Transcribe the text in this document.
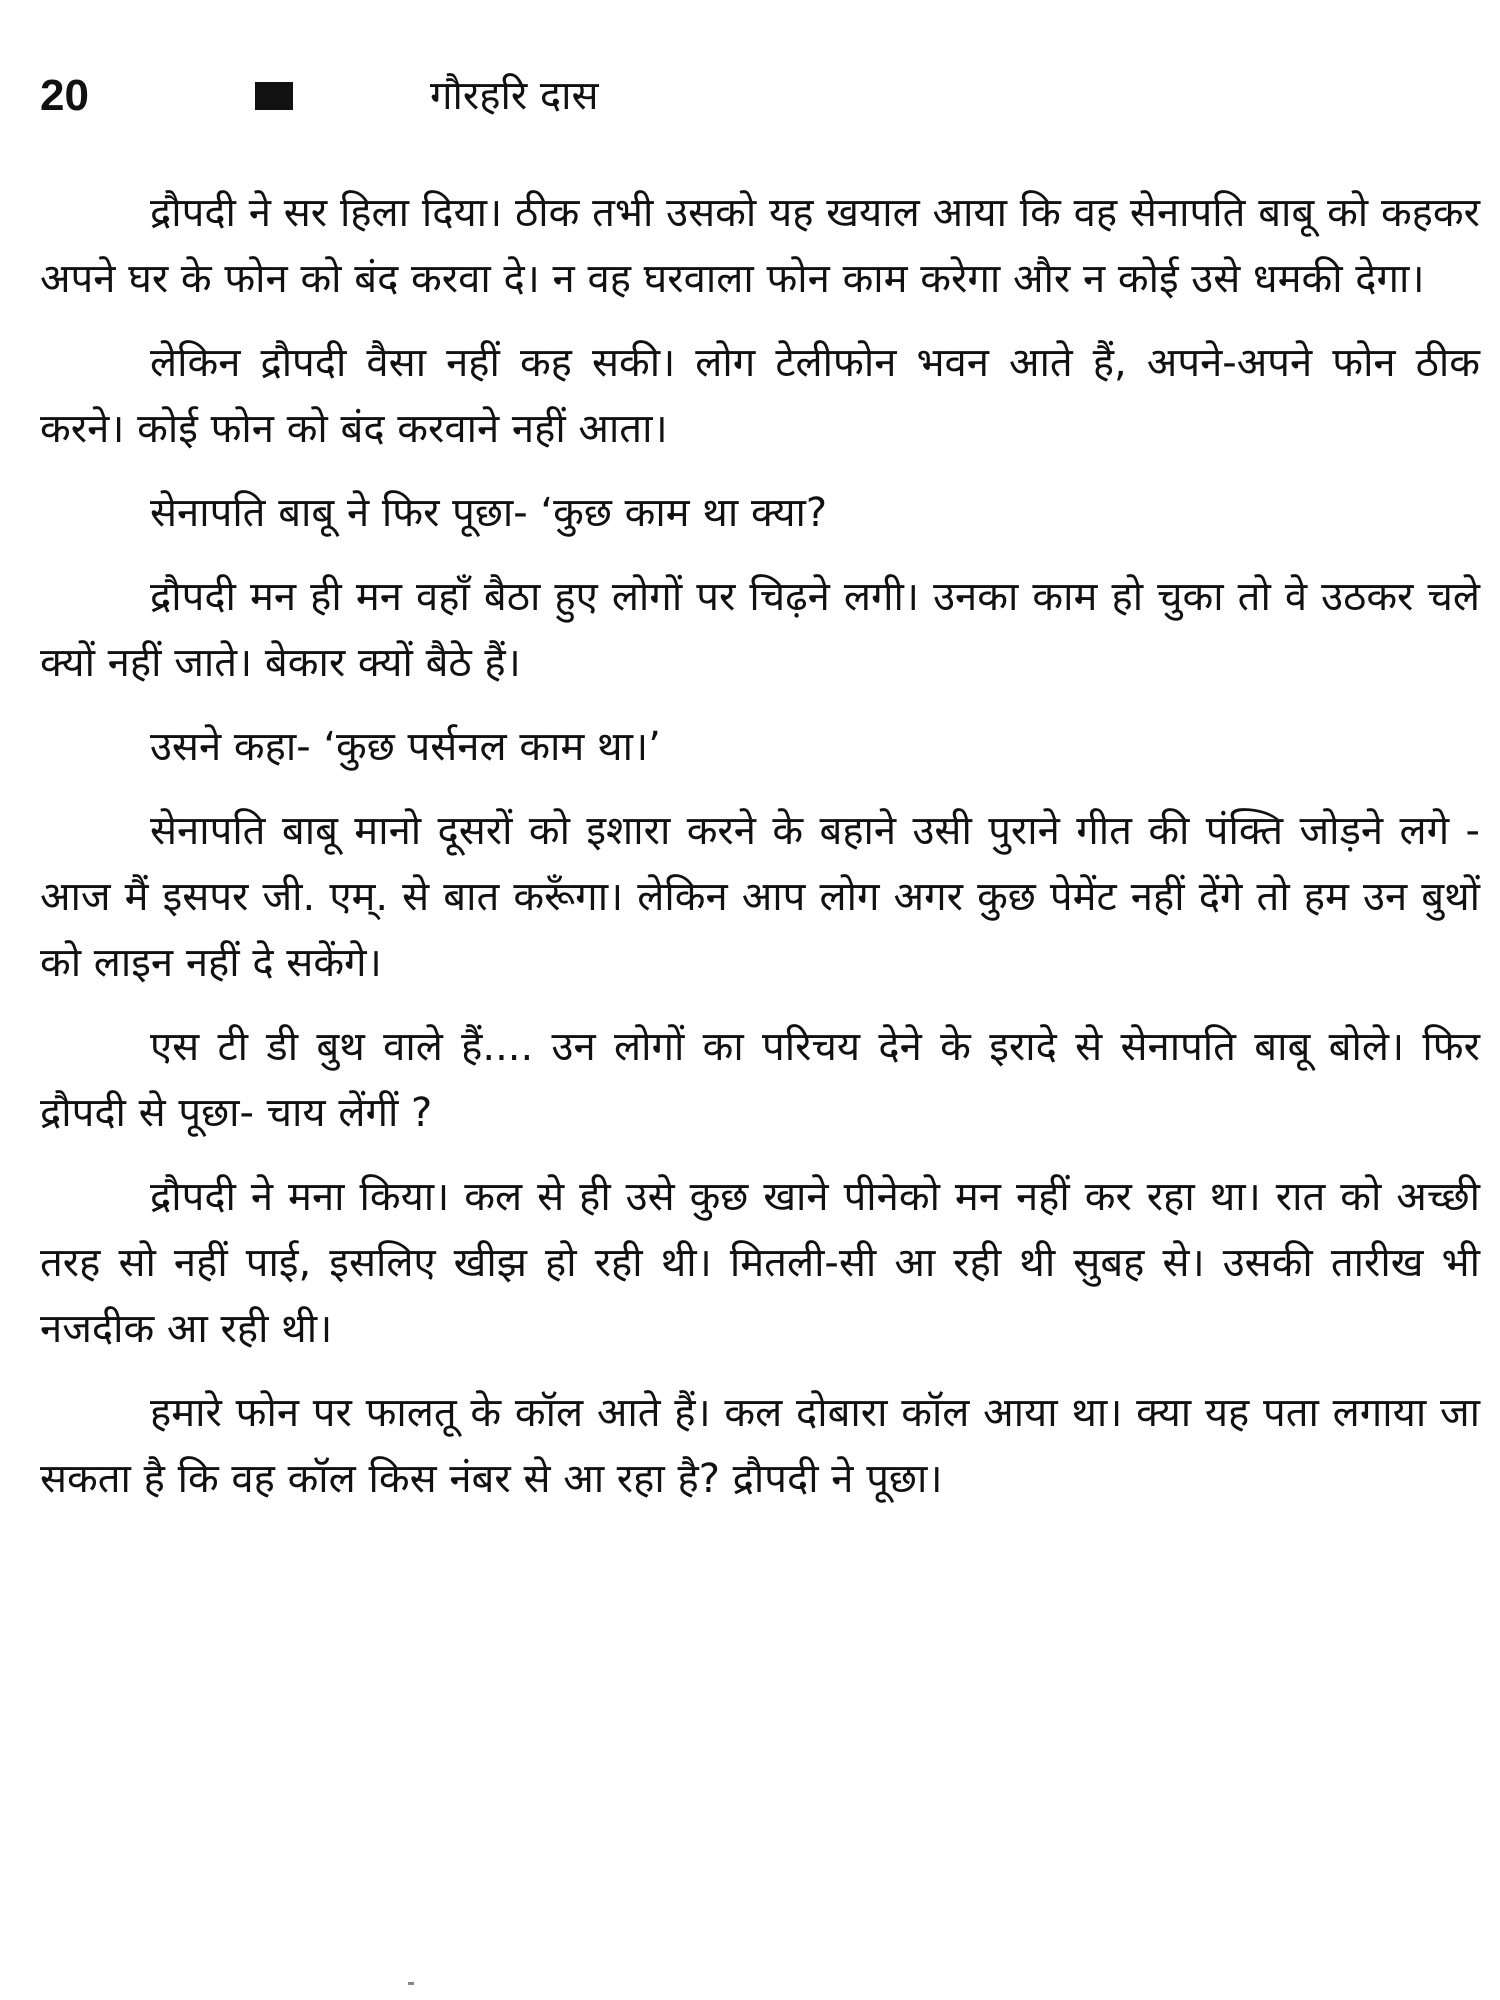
20	गौरहरि दास

द्रौपदी ने सर हिला दिया। ठीक तभी उसको यह खयाल आया कि वह सेनापति बाबू को कहकर अपने घर के फोन को बंद करवा दे। न वह घरवाला फोन काम करेगा और न कोई उसे धमकी देगा।

लेकिन द्रौपदी वैसा नहीं कह सकी। लोग टेलीफोन भवन आते हैं, अपने-अपने फोन ठीक करने। कोई फोन को बंद करवाने नहीं आता।

सेनापति बाबू ने फिर पूछा- ‘कुछ काम था क्या?

द्रौपदी मन ही मन वहाँ बैठा हुए लोगों पर चिढ़ने लगी। उनका काम हो चुका तो वे उठकर चले क्यों नहीं जाते। बेकार क्यों बैठे हैं।

उसने कहा- ‘कुछ पर्सनल काम था।’

सेनापति बाबू मानो दूसरों को इशारा करने के बहाने उसी पुराने गीत की पंक्ति जोड़ने लगे - आज मैं इसपर जी. एम्. से बात करूँगा। लेकिन आप लोग अगर कुछ पेमेंट नहीं देंगे तो हम उन बुथों को लाइन नहीं दे सकेंगे।

एस टी डी बुथ वाले हैं.... उन लोगों का परिचय देने के इरादे से सेनापति बाबू बोले। फिर द्रौपदी से पूछा- चाय लेंगीं ?

द्रौपदी ने मना किया। कल से ही उसे कुछ खाने पीनेको मन नहीं कर रहा था। रात को अच्छी तरह सो नहीं पाई, इसलिए खीझ हो रही थी। मितली-सी आ रही थी सुबह से। उसकी तारीख भी नजदीक आ रही थी।

हमारे फोन पर फालतू के कॉल आते हैं। कल दोबारा कॉल आया था। क्या यह पता लगाया जा सकता है कि वह कॉल किस नंबर से आ रहा है? द्रौपदी ने पूछा।
